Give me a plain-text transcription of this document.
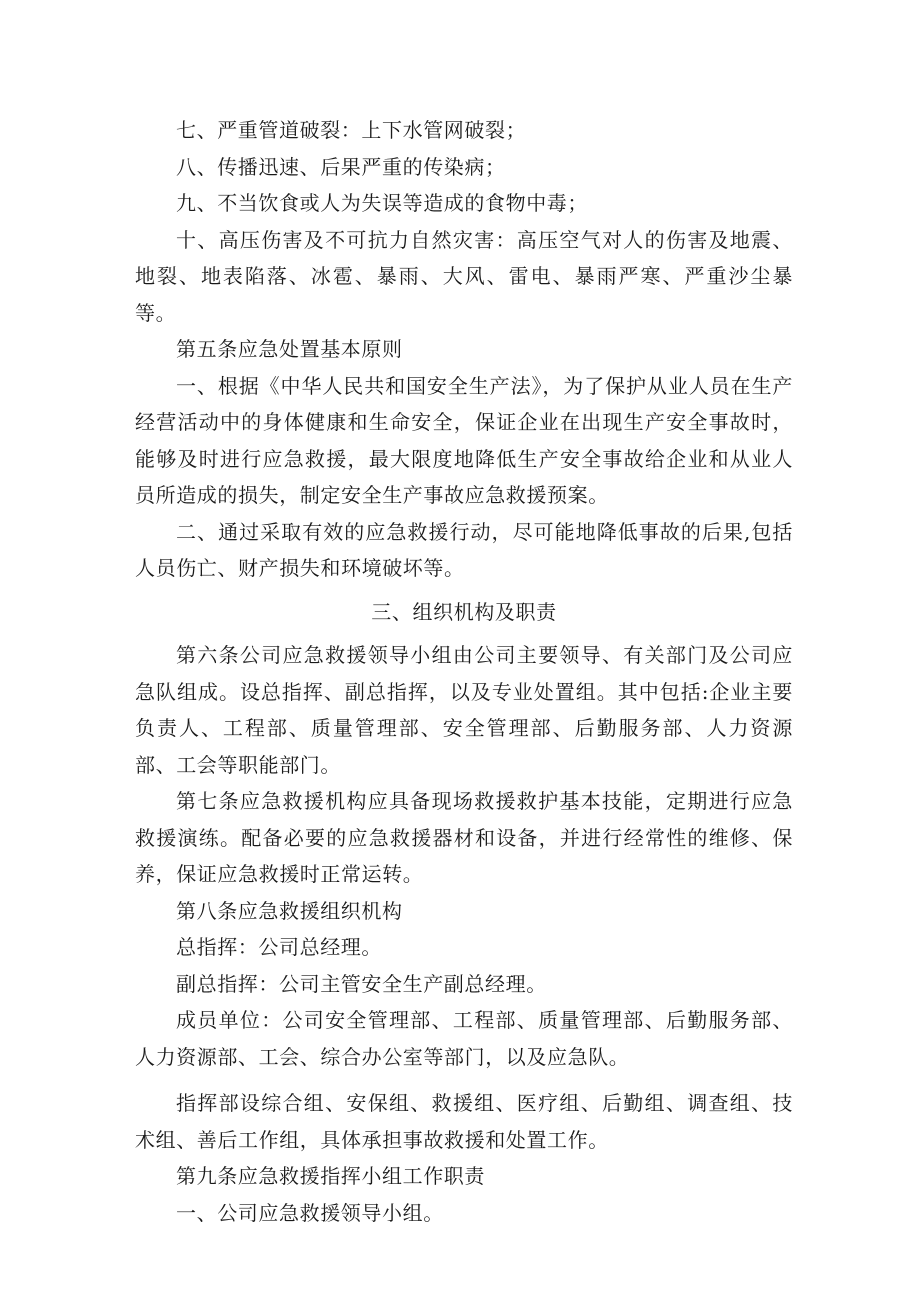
七、严重管道破裂：上下水管网破裂；

八、传播迅速、后果严重的传染病；

九、不当饮食或人为失误等造成的食物中毒；

十、高压伤害及不可抗力自然灾害：高压空气对人的伤害及地震、地裂、地表陷落、冰雹、暴雨、大风、雷电、暴雨严寒、严重沙尘暴等。

第五条应急处置基本原则

一、根据《中华人民共和国安全生产法》，为了保护从业人员在生产经营活动中的身体健康和生命安全，保证企业在出现生产安全事故时，能够及时进行应急救援，最大限度地降低生产安全事故给企业和从业人员所造成的损失，制定安全生产事故应急救援预案。

二、通过采取有效的应急救援行动，尽可能地降低事故的后果,包括人员伤亡、财产损失和环境破坏等。

三、组织机构及职责

第六条公司应急救援领导小组由公司主要领导、有关部门及公司应急队组成。设总指挥、副总指挥，以及专业处置组。其中包括:企业主要负责人、工程部、质量管理部、安全管理部、后勤服务部、人力资源部、工会等职能部门。

第七条应急救援机构应具备现场救援救护基本技能，定期进行应急救援演练。配备必要的应急救援器材和设备，并进行经常性的维修、保养，保证应急救援时正常运转。

第八条应急救援组织机构

总指挥：公司总经理。

副总指挥：公司主管安全生产副总经理。

成员单位：公司安全管理部、工程部、质量管理部、后勤服务部、人力资源部、工会、综合办公室等部门，以及应急队。

指挥部设综合组、安保组、救援组、医疗组、后勤组、调查组、技术组、善后工作组，具体承担事故救援和处置工作。

第九条应急救援指挥小组工作职责

一、公司应急救援领导小组。
